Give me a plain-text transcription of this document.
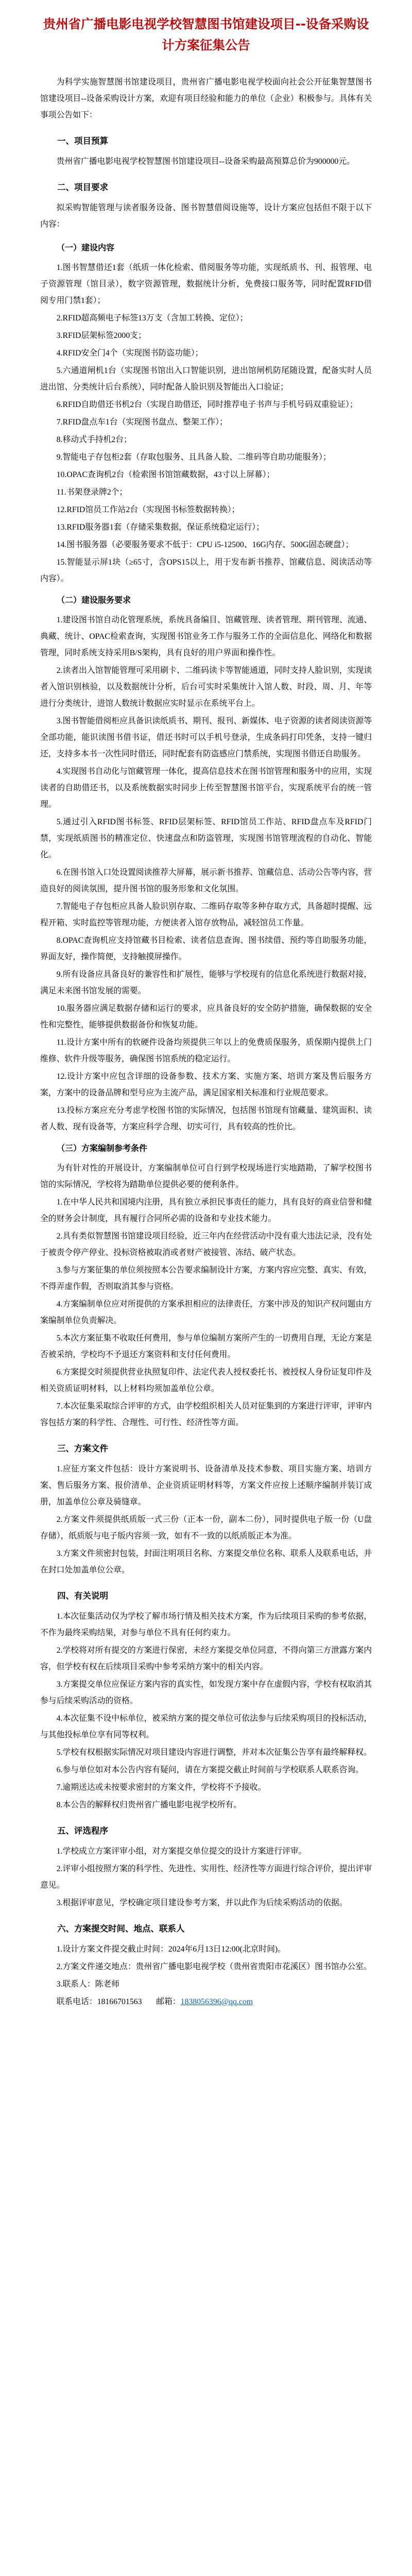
贵州省广播电影电视学校智慧图书馆建设项目--设备采购设计方案征集公告

为科学实施智慧图书馆建设项目，贵州省广播电影电视学校面向社会公开征集智慧图书馆建设项目--设备采购设计方案，欢迎有项目经验和能力的单位（企业）积极参与。具体有关事项公告如下：

一、项目预算

贵州省广播电影电视学校智慧图书馆建设项目--设备采购最高预算总价为900000元。

二、项目要求

拟采购智能管理与读者服务设备、图书智慧借阅设施等，设计方案应包括但不限于以下内容：

（一）建设内容

1.图书智慧借还1套（纸质一体化检索、借阅服务等功能，实现纸质书、刊、报管理、电子资源管理（馆目录），数字资源管理，数据统计分析，免费接口服务等，同时配置RFID借阅专用门禁1套）；

2.RFID超高频电子标签13万支（含加工转换、定位）；

3.RFID层架标签2000支；

4.RFID安全门4个（实现图书防盗功能）；

5.六通道闸机1台（实现图书馆出入口智能识别，进出馆闸机防尾随设置，配备实时人员进出馆、分类统计后台系统），同时配备人脸识别及智能出入口验证；

6.RFID自助借还书机2台（实现自助借还，同时推荐电子书声与手机号码双重验证）；

7.RFID盘点车1台（实现图书盘点、整架工作）；

8.移动式手持机2台；

9.智能电子存包柜2套（存取包服务、且具备人脸、二维码等自助功能服务）；

10.OPAC查询机2台（检索图书馆馆藏数据，43寸以上屏幕）；

11.书架登录牌2个；

12.RFID馆员工作站2台（实现图书标签数据转换）；

13.RFID服务器1套（存储采集数据，保证系统稳定运行）；

14.图书服务器（必要服务要求不低于：CPU i5-12500、16G内存、500G固态硬盘）；

15.智能显示屏1块（≥65寸，含OPS15以上，用于发布新书推荐、馆藏信息、阅读活动等内容）。

（二）建设服务要求

1.建设图书馆自动化管理系统，系统具备编目、馆藏管理、读者管理、期刊管理、流通、典藏、统计、OPAC检索查询，实现图书馆业务工作与服务工作的全面信息化、网络化和数据管理，同时系统支持采用B/S架构，具有良好的用户界面和操作性。

2.读者出入馆智能管理可采用刷卡、二维码读卡等智能通道，同时支持人脸识别，实现读者入馆识别核验，以及数据统计分析，后台可实时采集统计入馆人数、时段、周、月、年等进行分类统计，进馆人数统计数据应实时显示在系统平台上。

3.图书智能借阅柜应具备识读纸质书、期刊、报刊、新媒体、电子资源的读者阅读资源等全部功能，能识读图书借书证，借还书时可以手机号登录，生成条码打印凭条，支持一键归还，支持多本书一次性同时借还，同时配套有防盗感应门禁系统，实现图书借还自助服务。

4.实现图书自动化与馆藏管理一体化，提高信息技术在图书馆管理和服务中的应用，实现读者的自助借还书，以及系统数据实时同步上传至智慧图书馆平台，实现系统平台的统一管理。

5.通过引入RFID图书标签、RFID层架标签、RFID馆员工作站、RFID盘点车及RFID门禁，实现纸质图书的精准定位、快速盘点和防盗管理，实现图书馆管理流程的自动化、智能化。

6.在图书馆入口处设置阅读推荐大屏幕，展示新书推荐、馆藏信息、活动公告等内容，营造良好的阅读氛围，提升图书馆的服务形象和文化氛围。

7.智能电子存包柜应具备人脸识别存取、二维码存取等多种存取方式，具备超时提醒、远程开箱、实时监控等管理功能，方便读者入馆存放物品，减轻馆员工作量。

8.OPAC查询机应支持馆藏书目检索、读者信息查询、图书续借、预约等自助服务功能，界面友好，操作简便，支持触摸屏操作。

9.所有设备应具备良好的兼容性和扩展性，能够与学校现有的信息化系统进行数据对接，满足未来图书馆发展的需要。

10.服务器应满足数据存储和运行的要求，应具备良好的安全防护措施，确保数据的安全性和完整性，能够提供数据备份和恢复功能。

11.设计方案中所有的软硬件设备均须提供三年以上的免费质保服务，质保期内提供上门维修、软件升级等服务，确保图书馆系统的稳定运行。

12.设计方案中应包含详细的设备参数、技术方案、实施方案、培训方案及售后服务方案，方案中的设备品牌和型号应为主流产品，满足国家相关标准和行业规范要求。

13.投标方案应充分考虑学校图书馆的实际情况，包括图书馆现有馆藏量、建筑面积、读者人数、现有设备等，方案应科学合理、切实可行，具有较高的性价比。

（三）方案编制参考条件

为有针对性的开展设计，方案编制单位可自行到学校现场进行实地踏勘，了解学校图书馆的实际情况，学校将为踏勘单位提供必要的便利条件。

1.在中华人民共和国境内注册，具有独立承担民事责任的能力，具有良好的商业信誉和健全的财务会计制度，具有履行合同所必需的设备和专业技术能力。

2.具有类似智慧图书馆建设项目经验，近三年内在经营活动中没有重大违法记录，没有处于被责令停产停业、投标资格被取消或者财产被接管、冻结、破产状态。

3.参与方案征集的单位须按照本公告要求编制设计方案，方案内容应完整、真实、有效，不得弄虚作假，否则取消其参与资格。

4.方案编制单位应对所提供的方案承担相应的法律责任，方案中涉及的知识产权问题由方案编制单位负责解决。

5.本次方案征集不收取任何费用，参与单位编制方案所产生的一切费用自理，无论方案是否被采纳，学校均不予退还方案资料和支付任何费用。

6.方案提交时须提供营业执照复印件、法定代表人授权委托书、被授权人身份证复印件及相关资质证明材料，以上材料均须加盖单位公章。

7.本次征集采取综合评审的方式，由学校组织相关人员对征集到的方案进行评审，评审内容包括方案的科学性、合理性、可行性、经济性等方面。

三、方案文件

1.应征方案文件包括：设计方案说明书、设备清单及技术参数、项目实施方案、培训方案、售后服务方案、报价清单、企业资质证明材料等，方案文件应按上述顺序编制并装订成册，加盖单位公章及骑缝章。

2.方案文件须提供纸质版一式三份（正本一份，副本二份），同时提供电子版一份（U盘存储），纸质版与电子版内容须一致，如有不一致的以纸质版正本为准。

3.方案文件须密封包装，封面注明项目名称、方案提交单位名称、联系人及联系电话，并在封口处加盖单位公章。

四、有关说明

1.本次征集活动仅为学校了解市场行情及相关技术方案，作为后续项目采购的参考依据，不作为最终采购结果，对参与单位不具有任何约束力。

2.学校将对所有提交的方案进行保密，未经方案提交单位同意，不得向第三方泄露方案内容，但学校有权在后续项目采购中参考采纳方案中的相关内容。

3.方案提交单位应保证方案内容的真实性，如发现方案中存在虚假内容，学校有权取消其参与后续采购活动的资格。

4.本次征集不设中标单位，被采纳方案的提交单位可依法参与后续采购项目的投标活动，与其他投标单位享有同等权利。

5.学校有权根据实际情况对项目建设内容进行调整，并对本次征集公告享有最终解释权。

6.参与单位如对本公告内容有疑问，请在方案提交截止时间前与学校联系人联系咨询。

7.逾期送达或未按要求密封的方案文件，学校将不予接收。

8.本公告的解释权归贵州省广播电影电视学校所有。

五、评选程序

1.学校成立方案评审小组，对方案提交单位提交的设计方案进行评审。

2.评审小组按照方案的科学性、先进性、实用性、经济性等方面进行综合评价，提出评审意见。

3.根据评审意见，学校确定项目建设参考方案，并以此作为后续采购活动的依据。

六、方案提交时间、地点、联系人

1.设计方案文件提交截止时间：2024年6月13日12:00(北京时间)。

2.方案文件递交地点：贵州省广播电影电视学校（贵州省贵阳市花溪区）图书馆办公室。

3.联系人：陈老师

联系电话：18166701563 邮箱：1838056396@qq.com
